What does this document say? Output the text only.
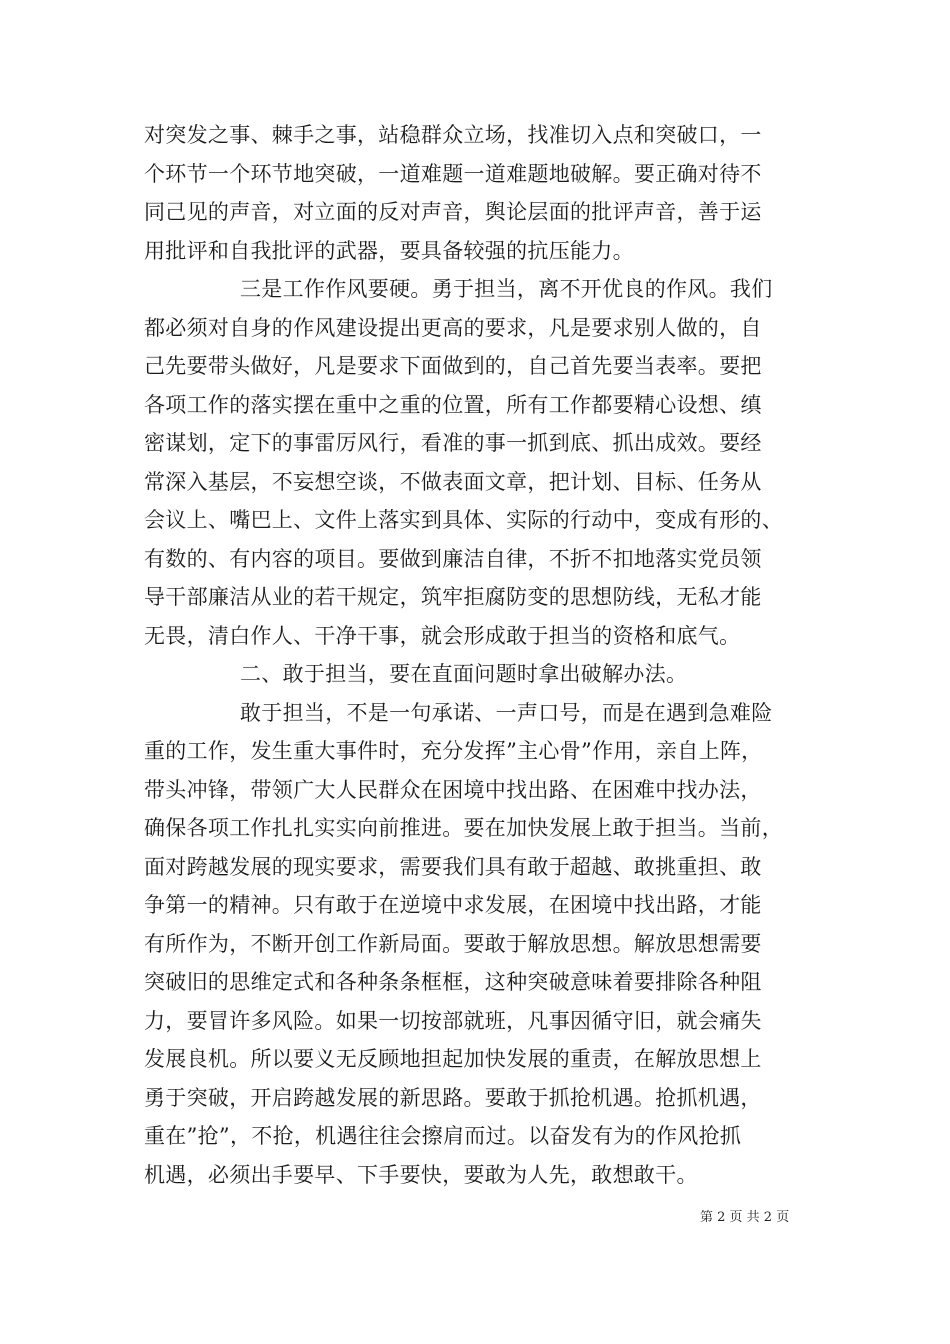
对突发之事、棘手之事，站稳群众立场，找准切入点和突破口，一
个环节一个环节地突破，一道难题一道难题地破解。要正确对待不
同己见的声音，对立面的反对声音，舆论层面的批评声音，善于运
用批评和自我批评的武器，要具备较强的抗压能力。
三是工作作风要硬。勇于担当，离不开优良的作风。我们
都必须对自身的作风建设提出更高的要求，凡是要求别人做的，自
己先要带头做好，凡是要求下面做到的，自己首先要当表率。要把
各项工作的落实摆在重中之重的位置，所有工作都要精心设想、缜
密谋划，定下的事雷厉风行，看准的事一抓到底、抓出成效。要经
常深入基层，不妄想空谈，不做表面文章，把计划、目标、任务从
会议上、嘴巴上、文件上落实到具体、实际的行动中，变成有形的、
有数的、有内容的项目。要做到廉洁自律，不折不扣地落实党员领
导干部廉洁从业的若干规定，筑牢拒腐防变的思想防线，无私才能
无畏，清白作人、干净干事，就会形成敢于担当的资格和底气。
二、敢于担当，要在直面问题时拿出破解办法。
敢于担当，不是一句承诺、一声口号，而是在遇到急难险
重的工作，发生重大事件时，充分发挥”主心骨”作用，亲自上阵，
带头冲锋，带领广大人民群众在困境中找出路、在困难中找办法，
确保各项工作扎扎实实向前推进。要在加快发展上敢于担当。当前，
面对跨越发展的现实要求，需要我们具有敢于超越、敢挑重担、敢
争第一的精神。只有敢于在逆境中求发展，在困境中找出路，才能
有所作为，不断开创工作新局面。要敢于解放思想。解放思想需要
突破旧的思维定式和各种条条框框，这种突破意味着要排除各种阻
力，要冒许多风险。如果一切按部就班，凡事因循守旧，就会痛失
发展良机。所以要义无反顾地担起加快发展的重责，在解放思想上
勇于突破，开启跨越发展的新思路。要敢于抓抢机遇。抢抓机遇，
重在”抢”，不抢，机遇往往会擦肩而过。以奋发有为的作风抢抓
机遇，必须出手要早、下手要快，要敢为人先，敢想敢干。
第 2 页 共 2 页
